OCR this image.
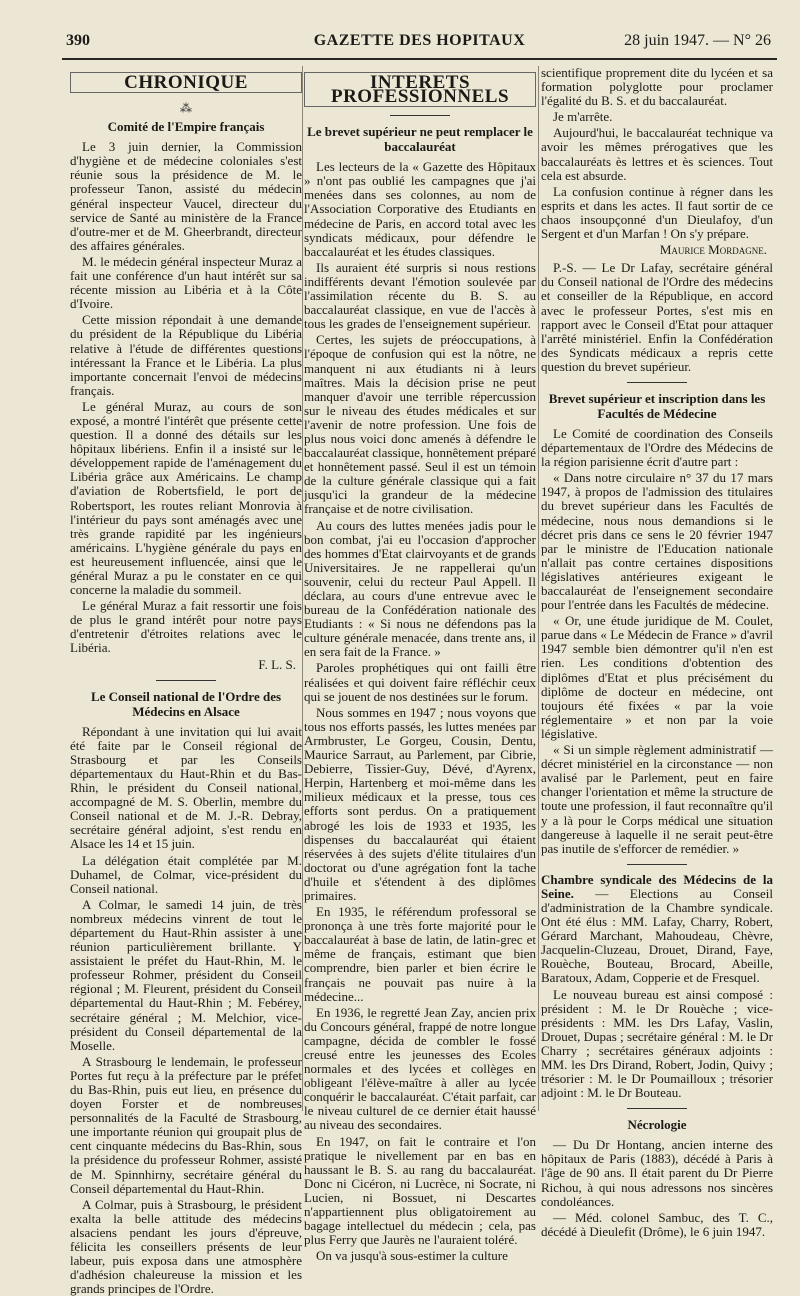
390	GAZETTE DES HOPITAUX	28 juin 1947. — N° 26
CHRONIQUE
⁂
Comité de l'Empire français

Le 3 juin dernier, la Commission d'hygiène et de médecine coloniales s'est réunie sous la présidence de M. le professeur Tanon, assisté du médecin général inspecteur Vaucel, directeur du service de Santé au ministère de la France d'outre-mer et de M. Gheerbrandt, directeur des affaires générales.

M. le médecin général inspecteur Muraz a fait une conférence d'un haut intérêt sur sa récente mission au Libéria et à la Côte d'Ivoire.

Cette mission répondait à une demande du président de la République du Libéria relative à l'étude de différentes questions intéressant la France et le Libéria. La plus importante concernait l'envoi de médecins français.

Le général Muraz, au cours de son exposé, a montré l'intérêt que présente cette question. Il a donné des détails sur les hôpitaux libériens. Enfin il a insisté sur le développement rapide de l'aménagement du Libéria grâce aux Américains. Le champ d'aviation de Robertsfield, le port de Robertsport, les routes reliant Monrovia à l'intérieur du pays sont aménagés avec une très grande rapidité par les ingénieurs américains. L'hygiène générale du pays en est heureusement influencée, ainsi que le général Muraz a pu le constater en ce qui concerne la maladie du sommeil.

Le général Muraz a fait ressortir une fois de plus le grand intérêt pour notre pays d'entretenir d'étroites relations avec le Libéria.

F. L. S.
Le Conseil national de l'Ordre des Médecins en Alsace

Répondant à une invitation qui lui avait été faite par le Conseil régional de Strasbourg et par les Conseils départementaux du Haut-Rhin et du Bas-Rhin, le président du Conseil national, accompagné de M. S. Oberlin, membre du Conseil national et de M. J.-R. Debray, secrétaire général adjoint, s'est rendu en Alsace les 14 et 15 juin.

La délégation était complétée par M. Duhamel, de Colmar, vice-président du Conseil national.

A Colmar, le samedi 14 juin, de très nombreux médecins vinrent de tout le département du Haut-Rhin assister à une réunion particulièrement brillante. Y assistaient le préfet du Haut-Rhin, M. le professeur Rohmer, président du Conseil régional ; M. Fleurent, président du Conseil départemental du Haut-Rhin ; M. Febérey, secrétaire général ; M. Melchior, vice-président du Conseil départemental de la Moselle.

A Strasbourg le lendemain, le professeur Portes fut reçu à la préfecture par le préfet du Bas-Rhin, puis eut lieu, en présence du doyen Forster et de nombreuses personnalités de la Faculté de Strasbourg, une importante réunion qui groupait plus de cent cinquante médecins du Bas-Rhin, sous la présidence du professeur Rohmer, assisté de M. Spinnhirny, secrétaire général du Conseil départemental du Haut-Rhin.

A Colmar, puis à Strasbourg, le président exalta la belle attitude des médecins alsaciens pendant les jours d'épreuve, félicita les conseillers présents de leur labeur, puis exposa dans une atmosphère d'adhésion chaleureuse la mission et les grands principes de l'Ordre.

INTERETS PROFESSIONNELS
Le brevet supérieur ne peut remplacer le baccalauréat

Les lecteurs de la « Gazette des Hôpitaux » n'ont pas oublié les campagnes que j'ai menées dans ses colonnes, au nom de l'Association Corporative des Etudiants en médecine de Paris, en accord total avec les syndicats médicaux, pour défendre le baccalauréat et les études classiques.

Ils auraient été surpris si nous restions indifférents devant l'émotion soulevée par l'assimilation récente du B. S. au baccalauréat classique, en vue de l'accès à tous les grades de l'enseignement supérieur.

Certes, les sujets de préoccupations, à l'époque de confusion qui est la nôtre, ne manquent ni aux étudiants ni à leurs maîtres. Mais la décision prise ne peut manquer d'avoir une terrible répercussion sur le niveau des études médicales et sur l'avenir de notre profession. Une fois de plus nous voici donc amenés à défendre le baccalauréat classique, honnêtement préparé et honnêtement passé. Seul il est un témoin de la culture générale classique qui a fait jusqu'ici la grandeur de la médecine française et de notre civilisation.

Au cours des luttes menées jadis pour le bon combat, j'ai eu l'occasion d'approcher des hommes d'Etat clairvoyants et de grands Universitaires. Je ne rappellerai qu'un souvenir, celui du recteur Paul Appell. Il déclara, au cours d'une entrevue avec le bureau de la Confédération nationale des Etudiants : « Si nous ne défendons pas la culture générale menacée, dans trente ans, il en sera fait de la France. »

Paroles prophétiques qui ont failli être réalisées et qui doivent faire réfléchir ceux qui se jouent de nos destinées sur le forum.

Nous sommes en 1947 ; nous voyons que tous nos efforts passés, les luttes menées par Armbruster, Le Gorgeu, Cousin, Dentu, Maurice Sarraut, au Parlement, par Cibrie, Debierre, Tissier-Guy, Dévé, d'Ayrenx, Herpin, Hartenberg et moi-même dans les milieux médicaux et la presse, tous ces efforts sont perdus. On a pratiquement abrogé les lois de 1933 et 1935, les dispenses du baccalauréat qui étaient réservées à des sujets d'élite titulaires d'un doctorat ou d'une agrégation font la tache d'huile et s'étendent à des diplômes primaires.

En 1935, le référendum professoral se prononça à une très forte majorité pour le baccalauréat à base de latin, de latin-grec et même de français, estimant que bien comprendre, bien parler et bien écrire le français ne pouvait pas nuire à la médecine...

En 1936, le regretté Jean Zay, ancien prix du Concours général, frappé de notre longue campagne, décida de combler le fossé creusé entre les jeunesses des Ecoles normales et des lycées et collèges en obligeant l'élève-maître à aller au lycée conquérir le baccalauréat. C'était parfait, car le niveau culturel de ce dernier était haussé au niveau des secondaires.

En 1947, on fait le contraire et l'on pratique le nivellement par en bas en haussant le B. S. au rang du baccalauréat. Donc ni Cicéron, ni Lucrèce, ni Socrate, ni Lucien, ni Bossuet, ni Descartes n'appartiennent plus obligatoirement au bagage intellectuel du médecin ; cela, pas plus Ferry que Jaurès ne l'auraient toléré.

On va jusqu'à sous-estimer la culture

scientifique proprement dite du lycéen et sa formation polyglotte pour proclamer l'égalité du B. S. et du baccalauréat.

Je m'arrête.

Aujourd'hui, le baccalauréat technique va avoir les mêmes prérogatives que les baccalauréats ès lettres et ès sciences. Tout cela est absurde.

La confusion continue à régner dans les esprits et dans les actes. Il faut sortir de ce chaos insoupçonné d'un Dieulafoy, d'un Sergent et d'un Marfan ! On s'y prépare.

Maurice Mordagne.

P.-S. — Le Dr Lafay, secrétaire général du Conseil national de l'Ordre des médecins et conseiller de la République, en accord avec le professeur Portes, s'est mis en rapport avec le Conseil d'Etat pour attaquer l'arrêté ministériel. Enfin la Confédération des Syndicats médicaux a repris cette question du brevet supérieur.

Brevet supérieur et inscription dans les Facultés de Médecine

Le Comité de coordination des Conseils départementaux de l'Ordre des Médecins de la région parisienne écrit d'autre part :

« Dans notre circulaire n° 37 du 17 mars 1947, à propos de l'admission des titulaires du brevet supérieur dans les Facultés de médecine, nous nous demandions si le décret pris dans ce sens le 20 février 1947 par le ministre de l'Education nationale n'allait pas contre certaines dispositions législatives antérieures exigeant le baccalauréat de l'enseignement secondaire pour l'entrée dans les Facultés de médecine.

« Or, une étude juridique de M. Coulet, parue dans « Le Médecin de France » d'avril 1947 semble bien démontrer qu'il n'en est rien. Les conditions d'obtention des diplômes d'Etat et plus précisément du diplôme de docteur en médecine, ont toujours été fixées « par la voie réglementaire » et non par la voie législative.

« Si un simple règlement administratif — décret ministériel en la circonstance — non avalisé par le Parlement, peut en faire changer l'orientation et même la structure de toute une profession, il faut reconnaître qu'il y a là pour le Corps médical une situation dangereuse à laquelle il ne serait peut-être pas inutile de s'efforcer de remédier. »

Chambre syndicale des Médecins de la Seine. — Elections au Conseil d'administration de la Chambre syndicale. Ont été élus : MM. Lafay, Charry, Robert, Gérard Marchant, Mahoudeau, Chèvre, Jacquelin-Cluzeau, Drouet, Dirand, Faye, Rouèche, Bouteau, Brocard, Abeille, Baratoux, Adam, Copperie et de Fresquel.

Le nouveau bureau est ainsi composé : président : M. le Dr Rouèche ; vice-présidents : MM. les Drs Lafay, Vaslin, Drouet, Dupas ; secrétaire général : M. le Dr Charry ; secrétaires généraux adjoints : MM. les Drs Dirand, Robert, Jodin, Quivy ; trésorier : M. le Dr Poumailloux ; trésorier adjoint : M. le Dr Bouteau.

Nécrologie

— Du Dr Hontang, ancien interne des hôpitaux de Paris (1883), décédé à Paris à l'âge de 90 ans. Il était parent du Dr Pierre Richou, à qui nous adressons nos sincères condoléances.

— Méd. colonel Sambuc, des T. C., décédé à Dieulefit (Drôme), le 6 juin 1947.
